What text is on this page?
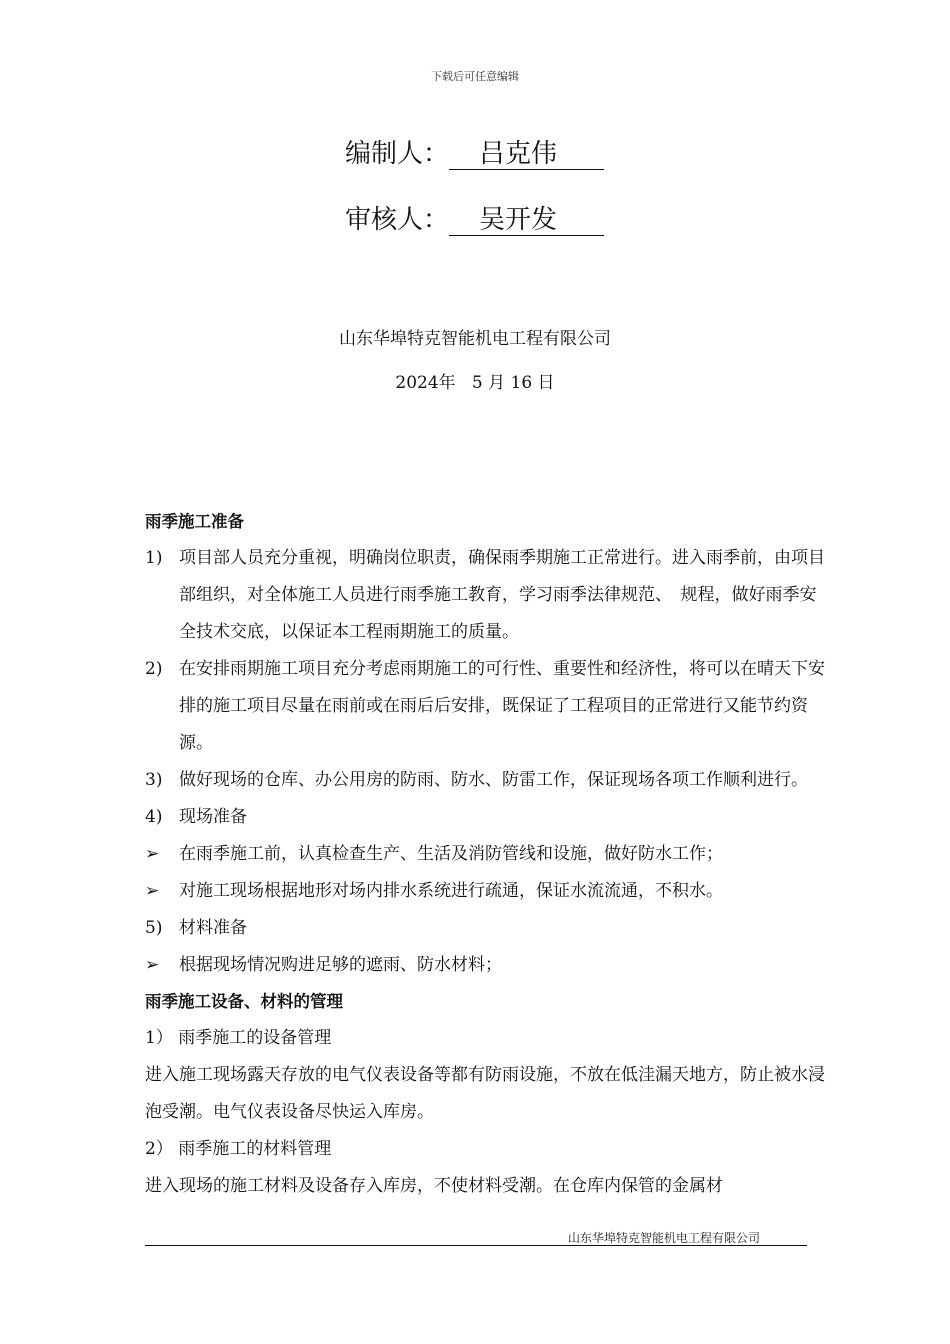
下载后可任意编辑
编制人：	吕克伟
审核人：	吴开发
山东华埠特克智能机电工程有限公司
2024年   5 月 16 日
雨季施工准备
1) 项目部人员充分重视，明确岗位职责，确保雨季期施工正常进行。进入雨季前，由项目部组织，对全体施工人员进行雨季施工教育，学习雨季法律规范、　规程，做好雨季安全技术交底，以保证本工程雨期施工的质量。
2) 在安排雨期施工项目充分考虑雨期施工的可行性、重要性和经济性，将可以在晴天下安排的施工项目尽量在雨前或在雨后后安排，既保证了工程项目的正常进行又能节约资源。
3) 做好现场的仓库、办公用房的防雨、防水、防雷工作，保证现场各项工作顺利进行。
4) 现场准备
➢	在雨季施工前，认真检查生产、生活及消防管线和设施，做好防水工作；
➢	对施工现场根据地形对场内排水系统进行疏通，保证水流流通，不积水。
5) 材料准备
➢	根据现场情况购进足够的遮雨、防水材料；
雨季施工设备、材料的管理
1） 雨季施工的设备管理
进入施工现场露天存放的电气仪表设备等都有防雨设施，不放在低洼漏天地方，防止被水浸泡受潮。电气仪表设备尽快运入库房。
2） 雨季施工的材料管理
进入现场的施工材料及设备存入库房，不使材料受潮。在仓库内保管的金属材
山东华埠特克智能机电工程有限公司
